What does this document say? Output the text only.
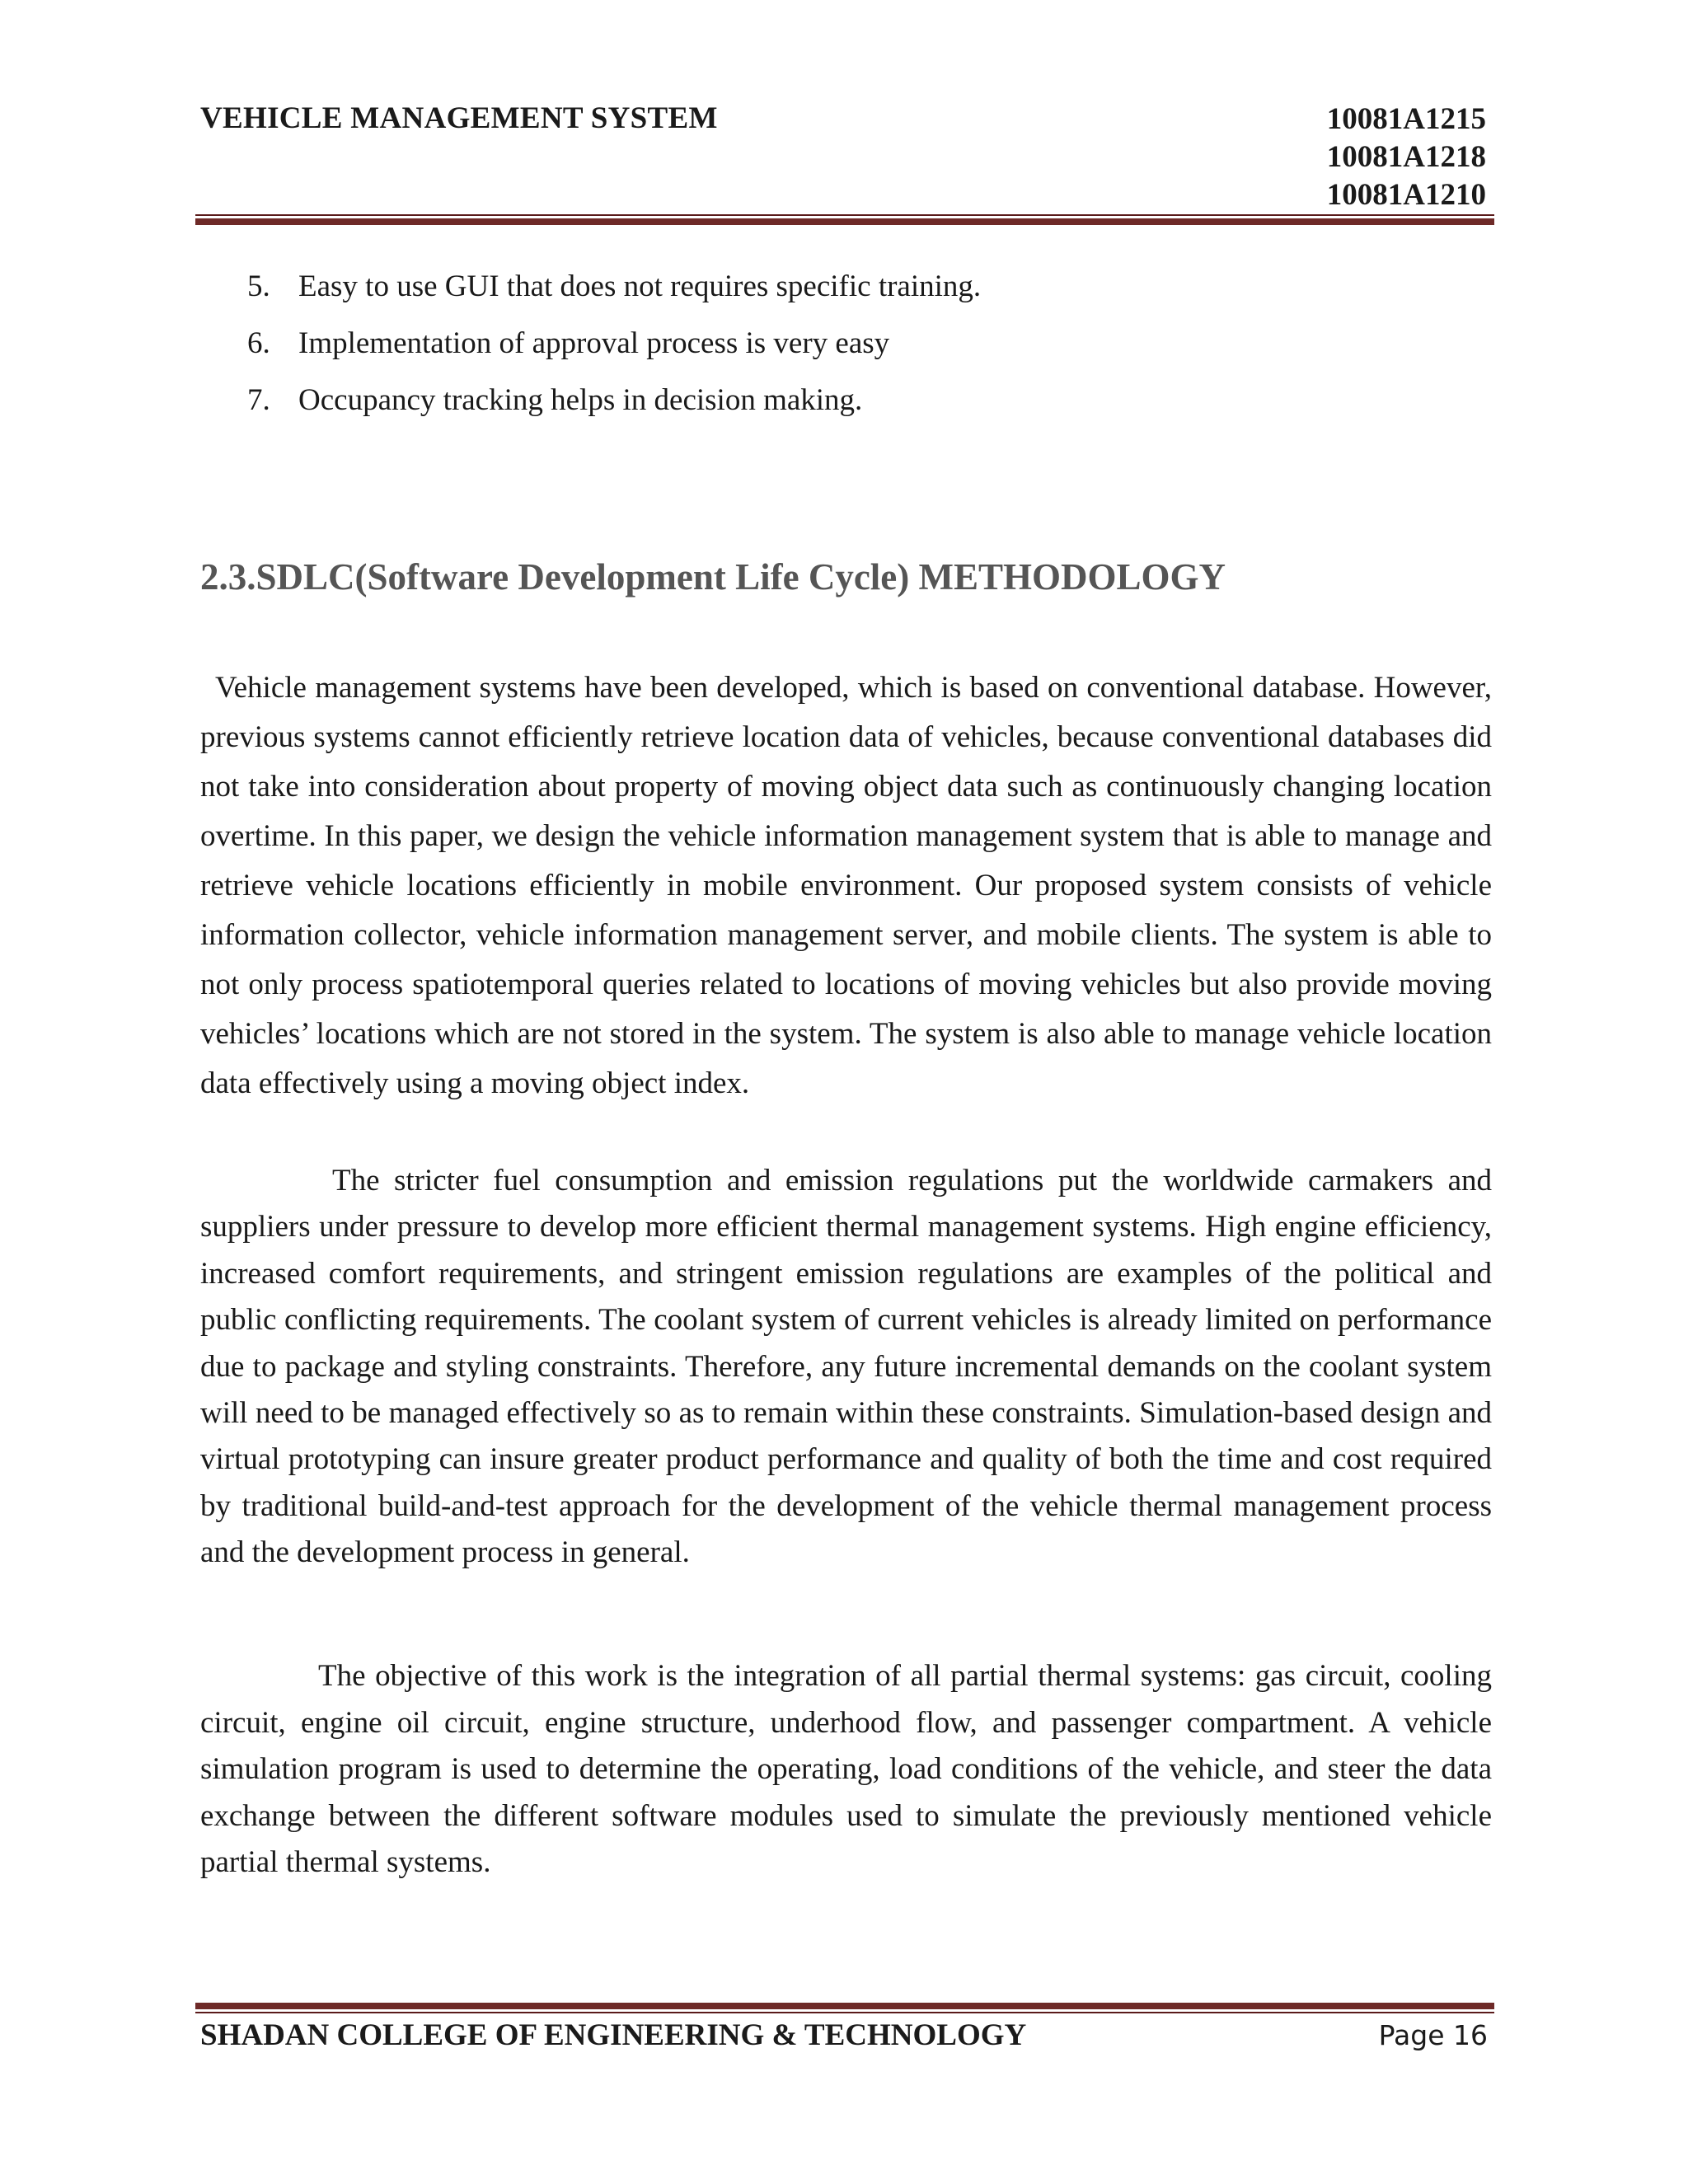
VEHICLE MANAGEMENT SYSTEM	10081A1215
10081A1218
10081A1210
5. Easy to use GUI that does not requires specific training.
6. Implementation of approval process is very easy
7. Occupancy tracking helps in decision making.
2.3.SDLC(Software Development Life Cycle) METHODOLOGY
Vehicle management systems have been developed, which is based on conventional database. However, previous systems cannot efficiently retrieve location data of vehicles, because conventional databases did not take into consideration about property of moving object data such as continuously changing location overtime. In this paper, we design the vehicle information management system that is able to manage and retrieve vehicle locations efficiently in mobile environment. Our proposed system consists of vehicle information collector, vehicle information management server, and mobile clients. The system is able to not only process spatiotemporal queries related to locations of moving vehicles but also provide moving vehicles’ locations which are not stored in the system. The system is also able to manage vehicle location data effectively using a moving object index.
The stricter fuel consumption and emission regulations put the worldwide carmakers and suppliers under pressure to develop more efficient thermal management systems. High engine efficiency, increased comfort requirements, and stringent emission regulations are examples of the political and public conflicting requirements. The coolant system of current vehicles is already limited on performance due to package and styling constraints. Therefore, any future incremental demands on the coolant system will need to be managed effectively so as to remain within these constraints. Simulation-based design and virtual prototyping can insure greater product performance and quality of both the time and cost required by traditional build-and-test approach for the development of the vehicle thermal management process and the development process in general.
The objective of this work is the integration of all partial thermal systems: gas circuit, cooling circuit, engine oil circuit, engine structure, underhood flow, and passenger compartment. A vehicle simulation program is used to determine the operating, load conditions of the vehicle, and steer the data exchange between the different software modules used to simulate the previously mentioned vehicle partial thermal systems.
SHADAN COLLEGE OF ENGINEERING & TECHNOLOGY	Page 16
